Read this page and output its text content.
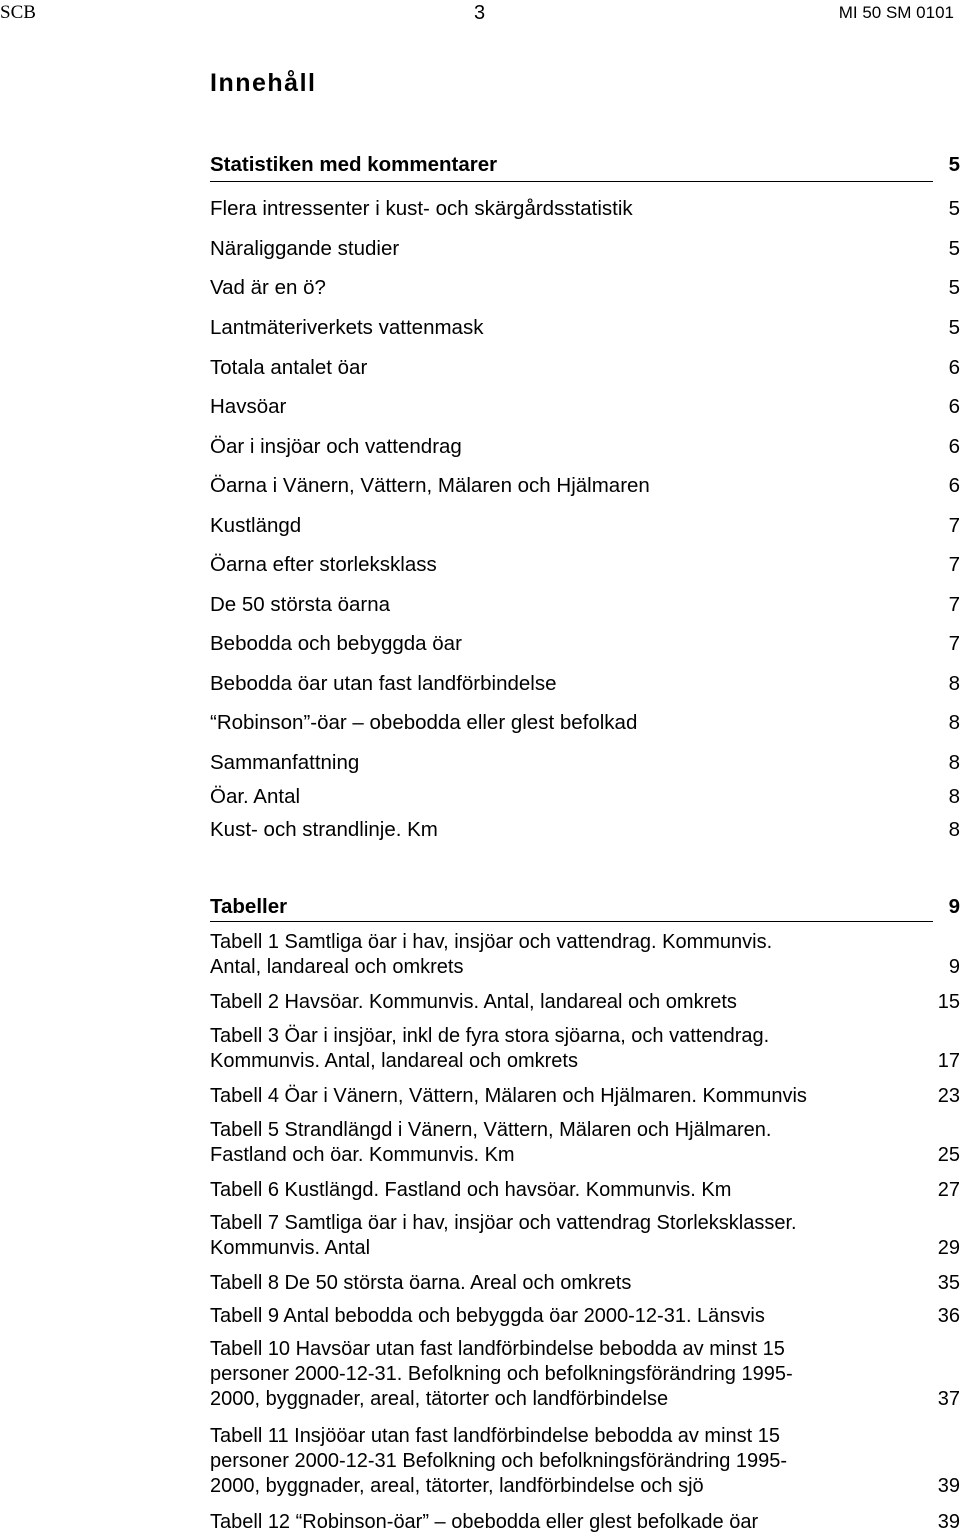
SCB	3	MI 50 SM 0101
Innehåll
Statistiken med kommentarer	5
Flera intressenter i kust- och skärgårdsstatistik	5
Näraliggande studier	5
Vad är en ö?	5
Lantmäteriverkets vattenmask	5
Totala antalet öar	6
Havsöar	6
Öar i insjöar och vattendrag	6
Öarna i Vänern, Vättern, Mälaren och Hjälmaren	6
Kustlängd	7
Öarna efter storleksklass	7
De 50 största öarna	7
Bebodda och bebyggda öar	7
Bebodda öar utan fast landförbindelse	8
“Robinson”-öar – obebodda eller glest befolkad	8
Sammanfattning	8
Öar. Antal	8
Kust- och strandlinje. Km	8
Tabeller	9
Tabell 1 Samtliga öar i hav, insjöar och vattendrag. Kommunvis.
Antal, landareal och omkrets	9
Tabell 2 Havsöar. Kommunvis. Antal, landareal och omkrets	15
Tabell 3 Öar i insjöar, inkl de fyra stora sjöarna, och vattendrag.
Kommunvis. Antal, landareal och omkrets	17
Tabell 4 Öar i Vänern, Vättern, Mälaren och Hjälmaren. Kommunvis	23
Tabell 5 Strandlängd i Vänern, Vättern, Mälaren och Hjälmaren.
Fastland och öar. Kommunvis. Km	25
Tabell 6 Kustlängd. Fastland och havsöar. Kommunvis. Km	27
Tabell 7 Samtliga öar i hav, insjöar och vattendrag Storleksklasser.
Kommunvis. Antal	29
Tabell 8 De 50 största öarna. Areal och omkrets	35
Tabell 9 Antal bebodda och bebyggda öar 2000-12-31. Länsvis	36
Tabell 10 Havsöar utan fast landförbindelse bebodda av minst 15
personer 2000-12-31. Befolkning och befolkningsförändring 1995-
2000, byggnader, areal, tätorter och landförbindelse	37
Tabell 11 Insjööar utan fast landförbindelse bebodda av minst 15
personer 2000-12-31 Befolkning och befolkningsförändring 1995-
2000, byggnader, areal, tätorter, landförbindelse och sjö	39
Tabell 12 “Robinson-öar” – obebodda eller glest befolkade öar	39
